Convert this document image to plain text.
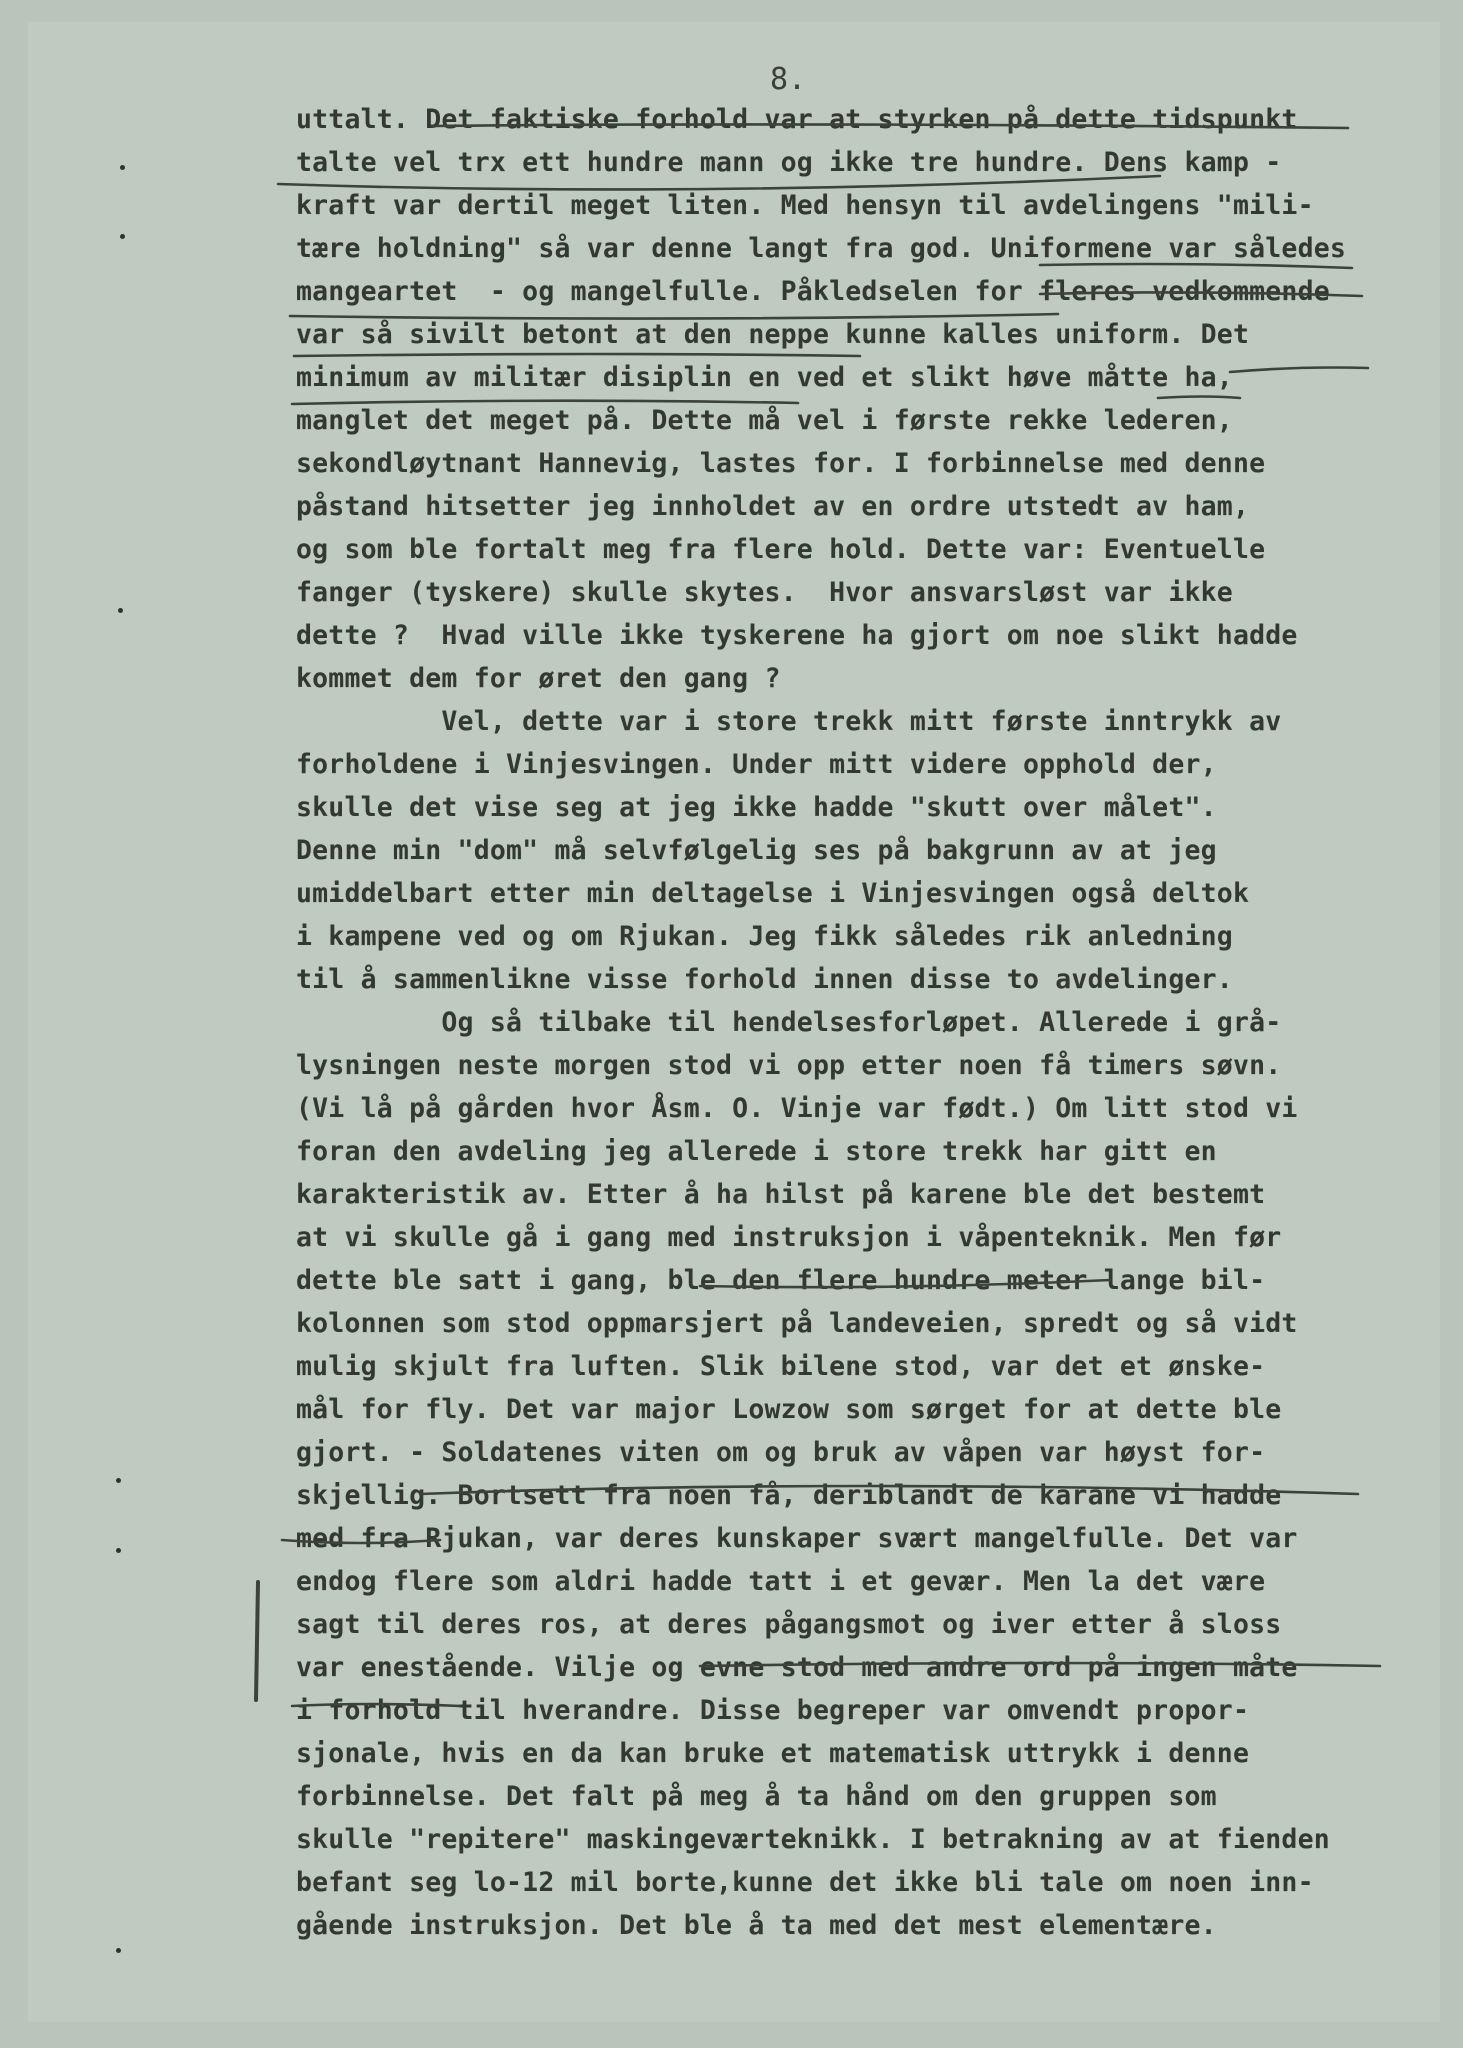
8.
uttalt. Det faktiske forhold var at styrken på dette tidspunkt
talte vel trx ett hundre mann og ikke tre hundre. Dens kamp -
kraft var dertil meget liten. Med hensyn til avdelingens "mili-
tære holdning" så var denne langt fra god. Uniformene var således
mangeartet  - og mangelfulle. Påkledselen for fleres vedkommende
var så sivilt betont at den neppe kunne kalles uniform. Det
minimum av militær disiplin en ved et slikt høve måtte ha,
manglet det meget på. Dette må vel i første rekke lederen,
sekondløytnant Hannevig, lastes for. I forbinnelse med denne
påstand hitsetter jeg innholdet av en ordre utstedt av ham,
og som ble fortalt meg fra flere hold. Dette var: Eventuelle
fanger (tyskere) skulle skytes.  Hvor ansvarsløst var ikke
dette ?  Hvad ville ikke tyskerene ha gjort om noe slikt hadde
kommet dem for øret den gang ?
Vel, dette var i store trekk mitt første inntrykk av
forholdene i Vinjesvingen. Under mitt videre opphold der,
skulle det vise seg at jeg ikke hadde "skutt over målet".
Denne min "dom" må selvfølgelig ses på bakgrunn av at jeg
umiddelbart etter min deltagelse i Vinjesvingen også deltok
i kampene ved og om Rjukan. Jeg fikk således rik anledning
til å sammenlikne visse forhold innen disse to avdelinger.
Og så tilbake til hendelsesforløpet. Allerede i grå-
lysningen neste morgen stod vi opp etter noen få timers søvn.
(Vi lå på gården hvor Åsm. O. Vinje var født.) Om litt stod vi
foran den avdeling jeg allerede i store trekk har gitt en
karakteristik av. Etter å ha hilst på karene ble det bestemt
at vi skulle gå i gang med instruksjon i våpenteknik. Men før
dette ble satt i gang, ble den flere hundre meter lange bil-
kolonnen som stod oppmarsjert på landeveien, spredt og så vidt
mulig skjult fra luften. Slik bilene stod, var det et ønske-
mål for fly. Det var major Lowzow som sørget for at dette ble
gjort. - Soldatenes viten om og bruk av våpen var høyst for-
skjellig. Bortsett fra noen få, deriblandt de karane vi hadde
med fra Rjukan, var deres kunskaper svært mangelfulle. Det var
endog flere som aldri hadde tatt i et gevær. Men la det være
sagt til deres ros, at deres pågangsmot og iver etter å sloss
var enestående. Vilje og evne stod med andre ord på ingen måte
i forhold til hverandre. Disse begreper var omvendt propor-
sjonale, hvis en da kan bruke et matematisk uttrykk i denne
forbinnelse. Det falt på meg å ta hånd om den gruppen som
skulle "repitere" maskingeværteknikk. I betrakning av at fienden
befant seg lo-12 mil borte,kunne det ikke bli tale om noen inn-
gående instruksjon. Det ble å ta med det mest elementære.
